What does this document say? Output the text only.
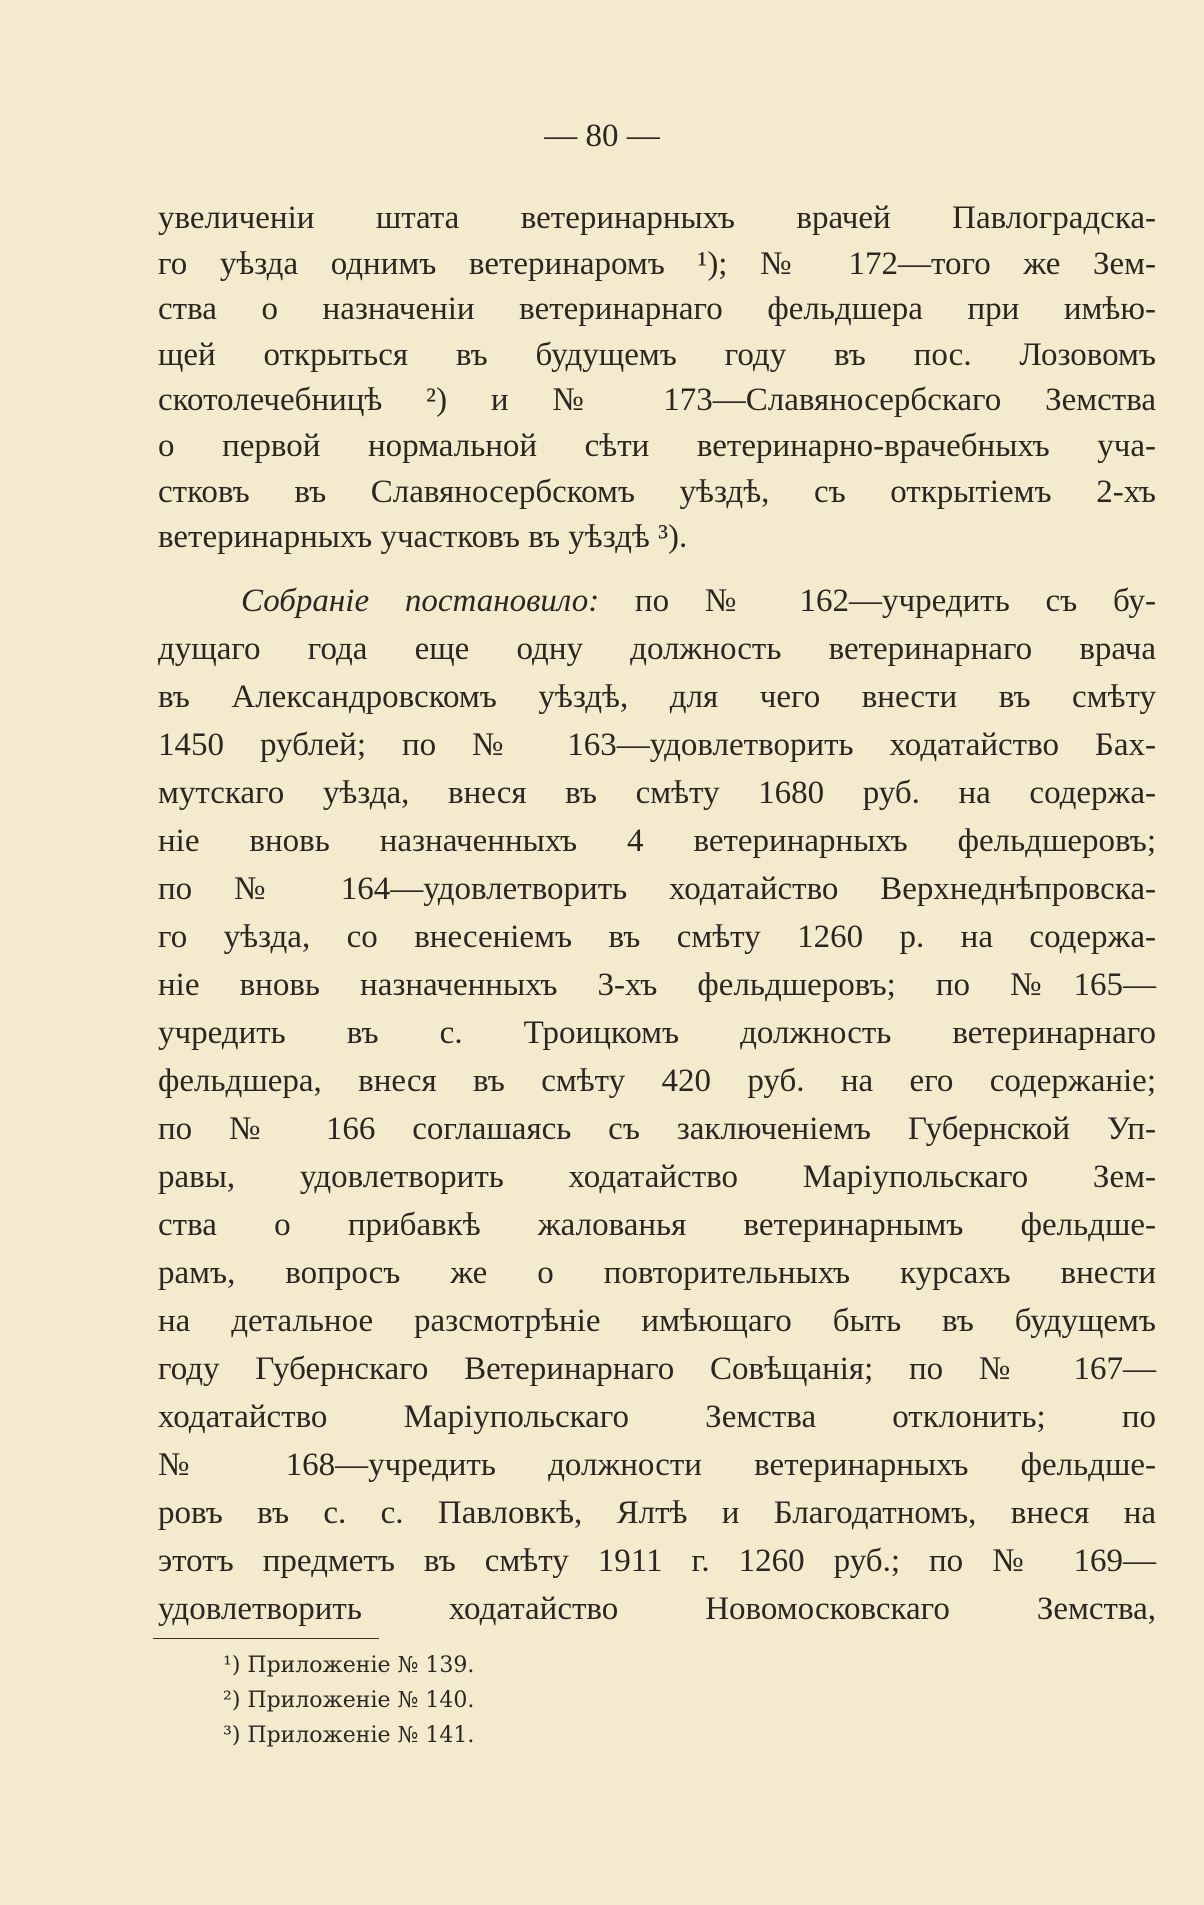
— 80 —
увеличеніи штата ветеринарныхъ врачей Павлоградска-
го уѣзда однимъ ветеринаромъ ¹); № 172—того же Зем-
ства о назначеніи ветеринарнаго фельдшера при имѣю-
щей открыться въ будущемъ году въ пос. Лозовомъ
скотолечебницѣ ²) и № 173—Славяносербскаго Земства
о первой нормальной сѣти ветеринарно-врачебныхъ уча-
стковъ въ Славяносербскомъ уѣздѣ, съ открытіемъ 2-хъ
ветеринарныхъ участковъ въ уѣздѣ ³).
Собраніе постановило: по № 162—учредить съ бу-
дущаго года еще одну должность ветеринарнаго врача
въ Александровскомъ уѣздѣ, для чего внести въ смѣту
1450 рублей; по № 163—удовлетворить ходатайство Бах-
мутскаго уѣзда, внеся въ смѣту 1680 руб. на содержа-
ніе вновь назначенныхъ 4 ветеринарныхъ фельдшеровъ;
по № 164—удовлетворить ходатайство Верхнеднѣпровска-
го уѣзда, со внесеніемъ въ смѣту 1260 р. на содержа-
ніе вновь назначенныхъ 3-хъ фельдшеровъ; по №165—
учредить въ с. Троицкомъ должность ветеринарнаго
фельдшера, внеся въ смѣту 420 руб. на его содержаніе;
по № 166 соглашаясь съ заключеніемъ Губернской Уп-
равы, удовлетворить ходатайство Маріупольскаго Зем-
ства о прибавкѣ жалованья ветеринарнымъ фельдше-
рамъ, вопросъ же о повторительныхъ курсахъ внести
на детальное разсмотрѣніе имѣющаго быть въ будущемъ
году Губернскаго Ветеринарнаго Совѣщанія; по № 167—
ходатайство Маріупольскаго Земства отклонить; по
№ 168—учредить должности ветеринарныхъ фельдше-
ровъ въ с. с. Павловкѣ, Ялтѣ и Благодатномъ, внеся на
этотъ предметъ въ смѣту 1911 г. 1260 руб.; по № 169—
удовлетворить ходатайство Новомосковскаго Земства,
¹) Приложеніе № 139.
²) Приложеніе № 140.
³) Приложеніе № 141.
